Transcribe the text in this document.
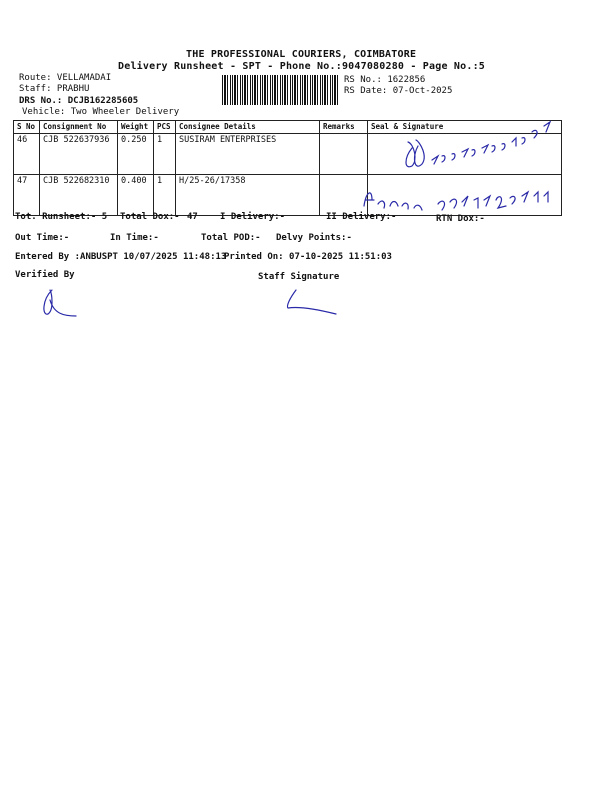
THE PROFESSIONAL COURIERS, COIMBATORE
Delivery Runsheet - SPT - Phone No.:9047080280 - Page No.:5
Route: VELLAMADAI
Staff: PRABHU
DRS No.: DCJB162285605
Vehicle: Two Wheeler Delivery
RS No.: 1622856
RS Date: 07-Oct-2025
S No	Consignment No	Weight	PCS	Consignee Details	Remarks	Seal & Signature
46	CJB 522637936	0.250	1	SUSIRAM ENTERPRISES		
47	CJB 522682310	0.400	1	H/25-26/17358		
Tot. Runsheet:- 5 Total Dox:- 47 I Delivery:-	II Delivery:-	RTN Dox:-
Out Time:-	In Time:-	Total POD:- Delvy Points:-
Entered By :ANBUSPT 10/07/2025 11:48:13
Printed On: 07-10-2025 11:51:03
Verified By	Staff Signature
